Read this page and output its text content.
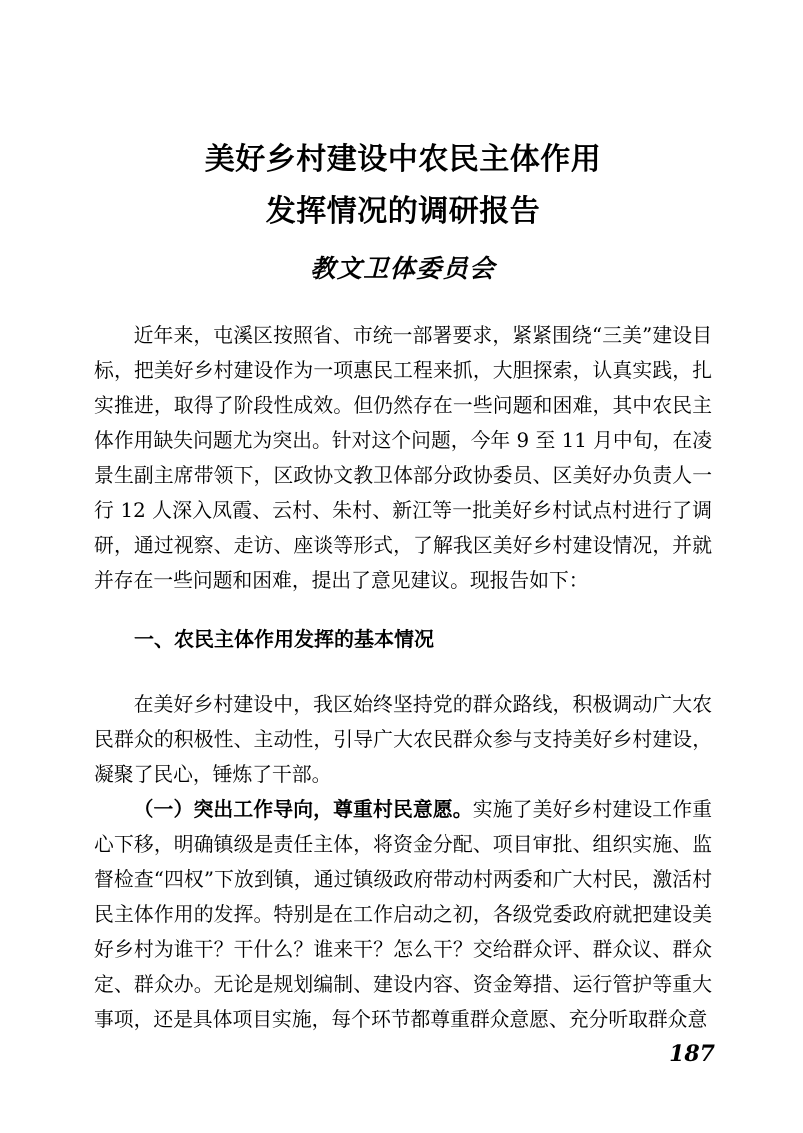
美好乡村建设中农民主体作用
发挥情况的调研报告
教文卫体委员会

近年来，屯溪区按照省、市统一部署要求，紧紧围绕“三美”建设目标，把美好乡村建设作为一项惠民工程来抓，大胆探索，认真实践，扎实推进，取得了阶段性成效。但仍然存在一些问题和困难，其中农民主体作用缺失问题尤为突出。针对这个问题，今年 9 至 11 月中旬，在凌景生副主席带领下，区政协文教卫体部分政协委员、区美好办负责人一行 12 人深入凤霞、云村、朱村、新江等一批美好乡村试点村进行了调研，通过视察、走访、座谈等形式，了解我区美好乡村建设情况，并就并存在一些问题和困难，提出了意见建议。现报告如下：

一、农民主体作用发挥的基本情况

在美好乡村建设中，我区始终坚持党的群众路线，积极调动广大农民群众的积极性、主动性，引导广大农民群众参与支持美好乡村建设，凝聚了民心，锤炼了干部。

（一）突出工作导向，尊重村民意愿。实施了美好乡村建设工作重心下移，明确镇级是责任主体，将资金分配、项目审批、组织实施、监督检查“四权”下放到镇，通过镇级政府带动村两委和广大村民，激活村民主体作用的发挥。特别是在工作启动之初，各级党委政府就把建设美好乡村为谁干？干什么？谁来干？怎么干？交给群众评、群众议、群众定、群众办。无论是规划编制、建设内容、资金筹措、运行管护等重大事项，还是具体项目实施，每个环节都尊重群众意愿、充分听取群众意

187
